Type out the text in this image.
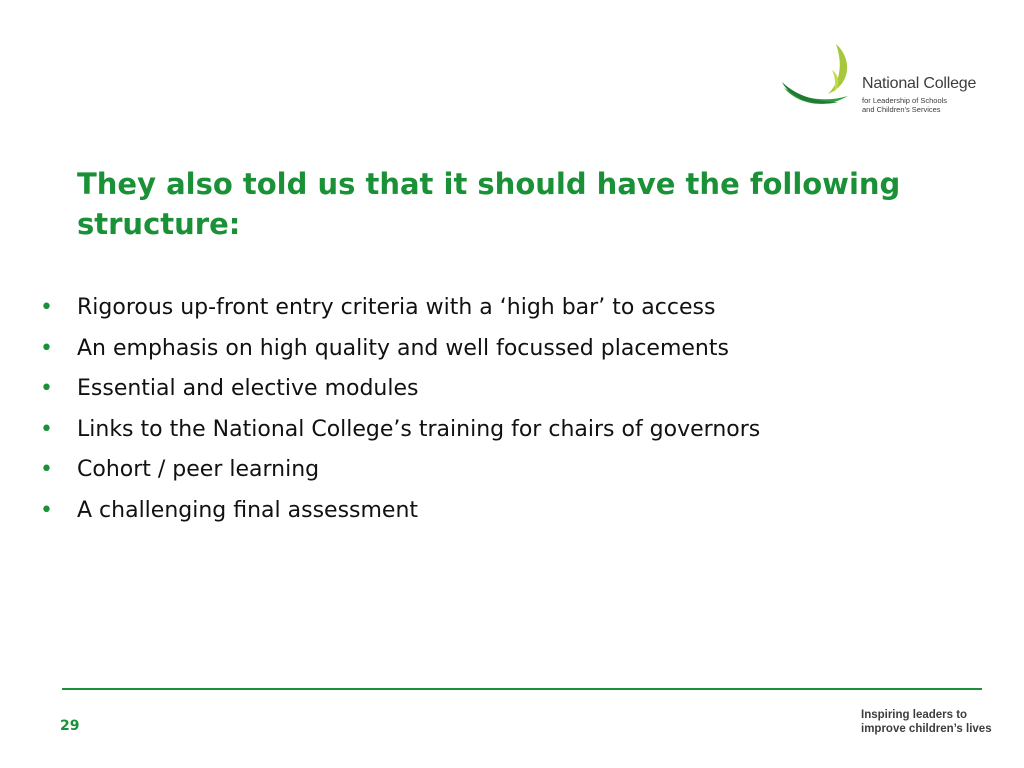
National College
for Leadership of Schools
and Children's Services
They also told us that it should have the following structure:
• Rigorous up-front entry criteria with a ‘high bar’ to access
• An emphasis on high quality and well focussed placements
• Essential and elective modules
• Links to the National College’s training for chairs of governors
• Cohort / peer learning
• A challenging final assessment
29
Inspiring leaders to
improve children’s lives
